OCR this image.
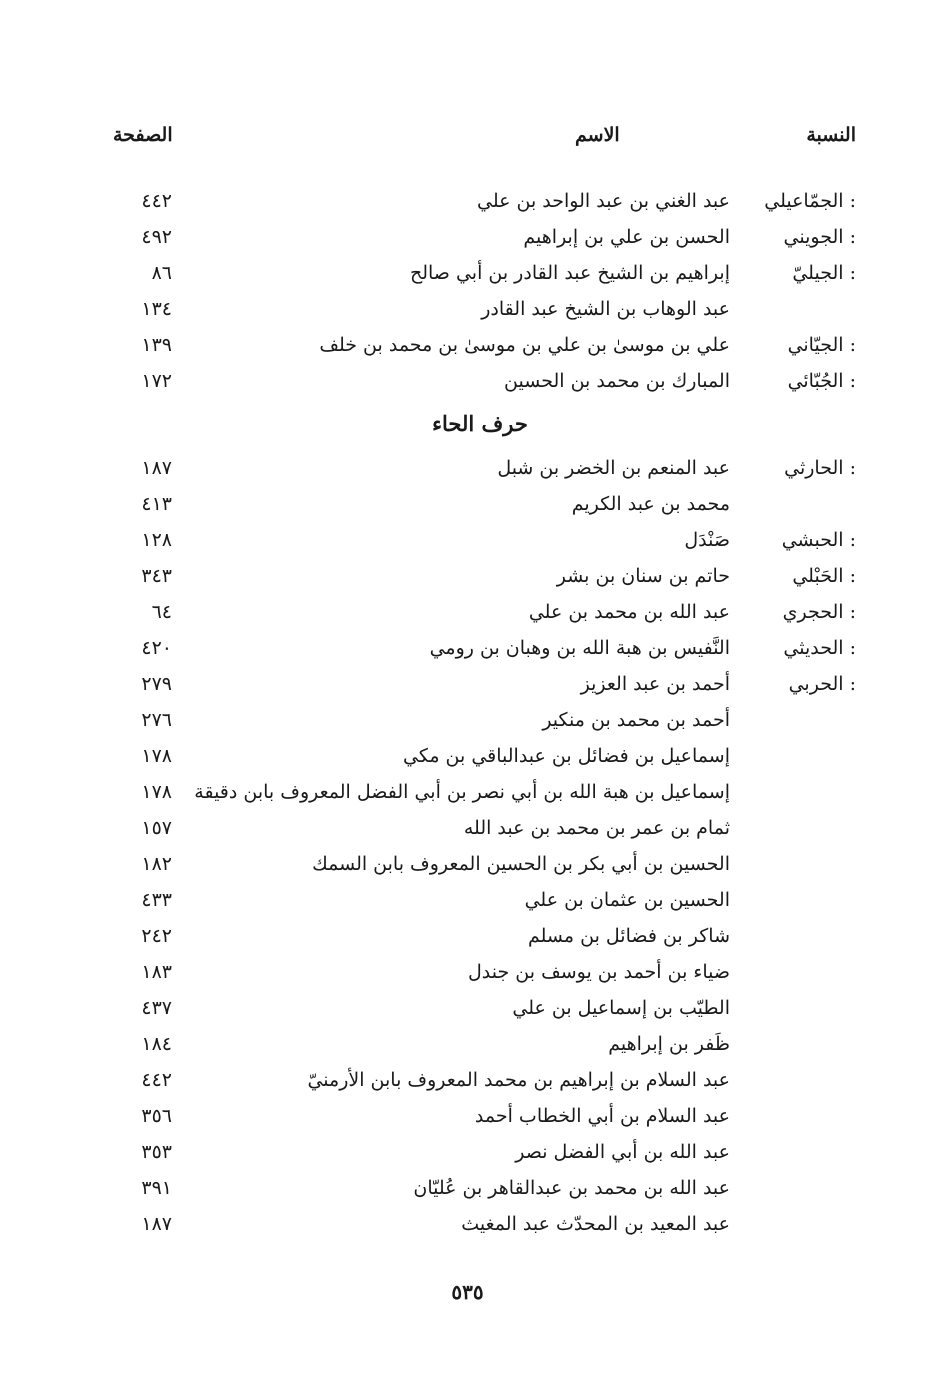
النسبة
الاسم
الصفحة
الجمّاعيلي :
عبد الغني بن عبد الواحد بن علي
٤٤٢
الجويني :
الحسن بن علي بن إبراهيم
٤٩٢
الجيليّ :
إبراهيم بن الشيخ عبد القادر بن أبي صالح
٨٦
عبد الوهاب بن الشيخ عبد القادر
١٣٤
الجيّاني :
علي بن موسىٰ بن علي بن موسىٰ بن محمد بن خلف
١٣٩
الجُبّائي :
المبارك بن محمد بن الحسين
١٧٢
حرف الحاء
الحارثي :
عبد المنعم بن الخضر بن شبل
١٨٧
محمد بن عبد الكريم
٤١٣
الحبشي :
صَنْدَل
١٢٨
الحَبْلي :
حاتم بن سنان بن بشر
٣٤٣
الحجري :
عبد الله بن محمد بن علي
٦٤
الحديثي :
النَّفيس بن هبة الله بن وهبان بن رومي
٤٢٠
الحربي :
أحمد بن عبد العزيز
٢٧٩
أحمد بن محمد بن منكير
٢٧٦
إسماعيل بن فضائل بن عبدالباقي بن مكي
١٧٨
إسماعيل بن هبة الله بن أبي نصر بن أبي الفضل المعروف بابن دقيقة
١٧٨
ثمام بن عمر بن محمد بن عبد الله
١٥٧
الحسين بن أبي بكر بن الحسين المعروف بابن السمك
١٨٢
الحسين بن عثمان بن علي
٤٣٣
شاكر بن فضائل بن مسلم
٢٤٢
ضياء بن أحمد بن يوسف بن جندل
١٨٣
الطيّب بن إسماعيل بن علي
٤٣٧
ظَفر بن إبراهيم
١٨٤
عبد السلام بن إبراهيم بن محمد المعروف بابن الأرمنيّ
٤٤٢
عبد السلام بن أبي الخطاب أحمد
٣٥٦
عبد الله بن أبي الفضل نصر
٣٥٣
عبد الله بن محمد بن عبدالقاهر بن عُليّان
٣٩١
عبد المعيد بن المحدّث عبد المغيث
١٨٧
٥٣٥
